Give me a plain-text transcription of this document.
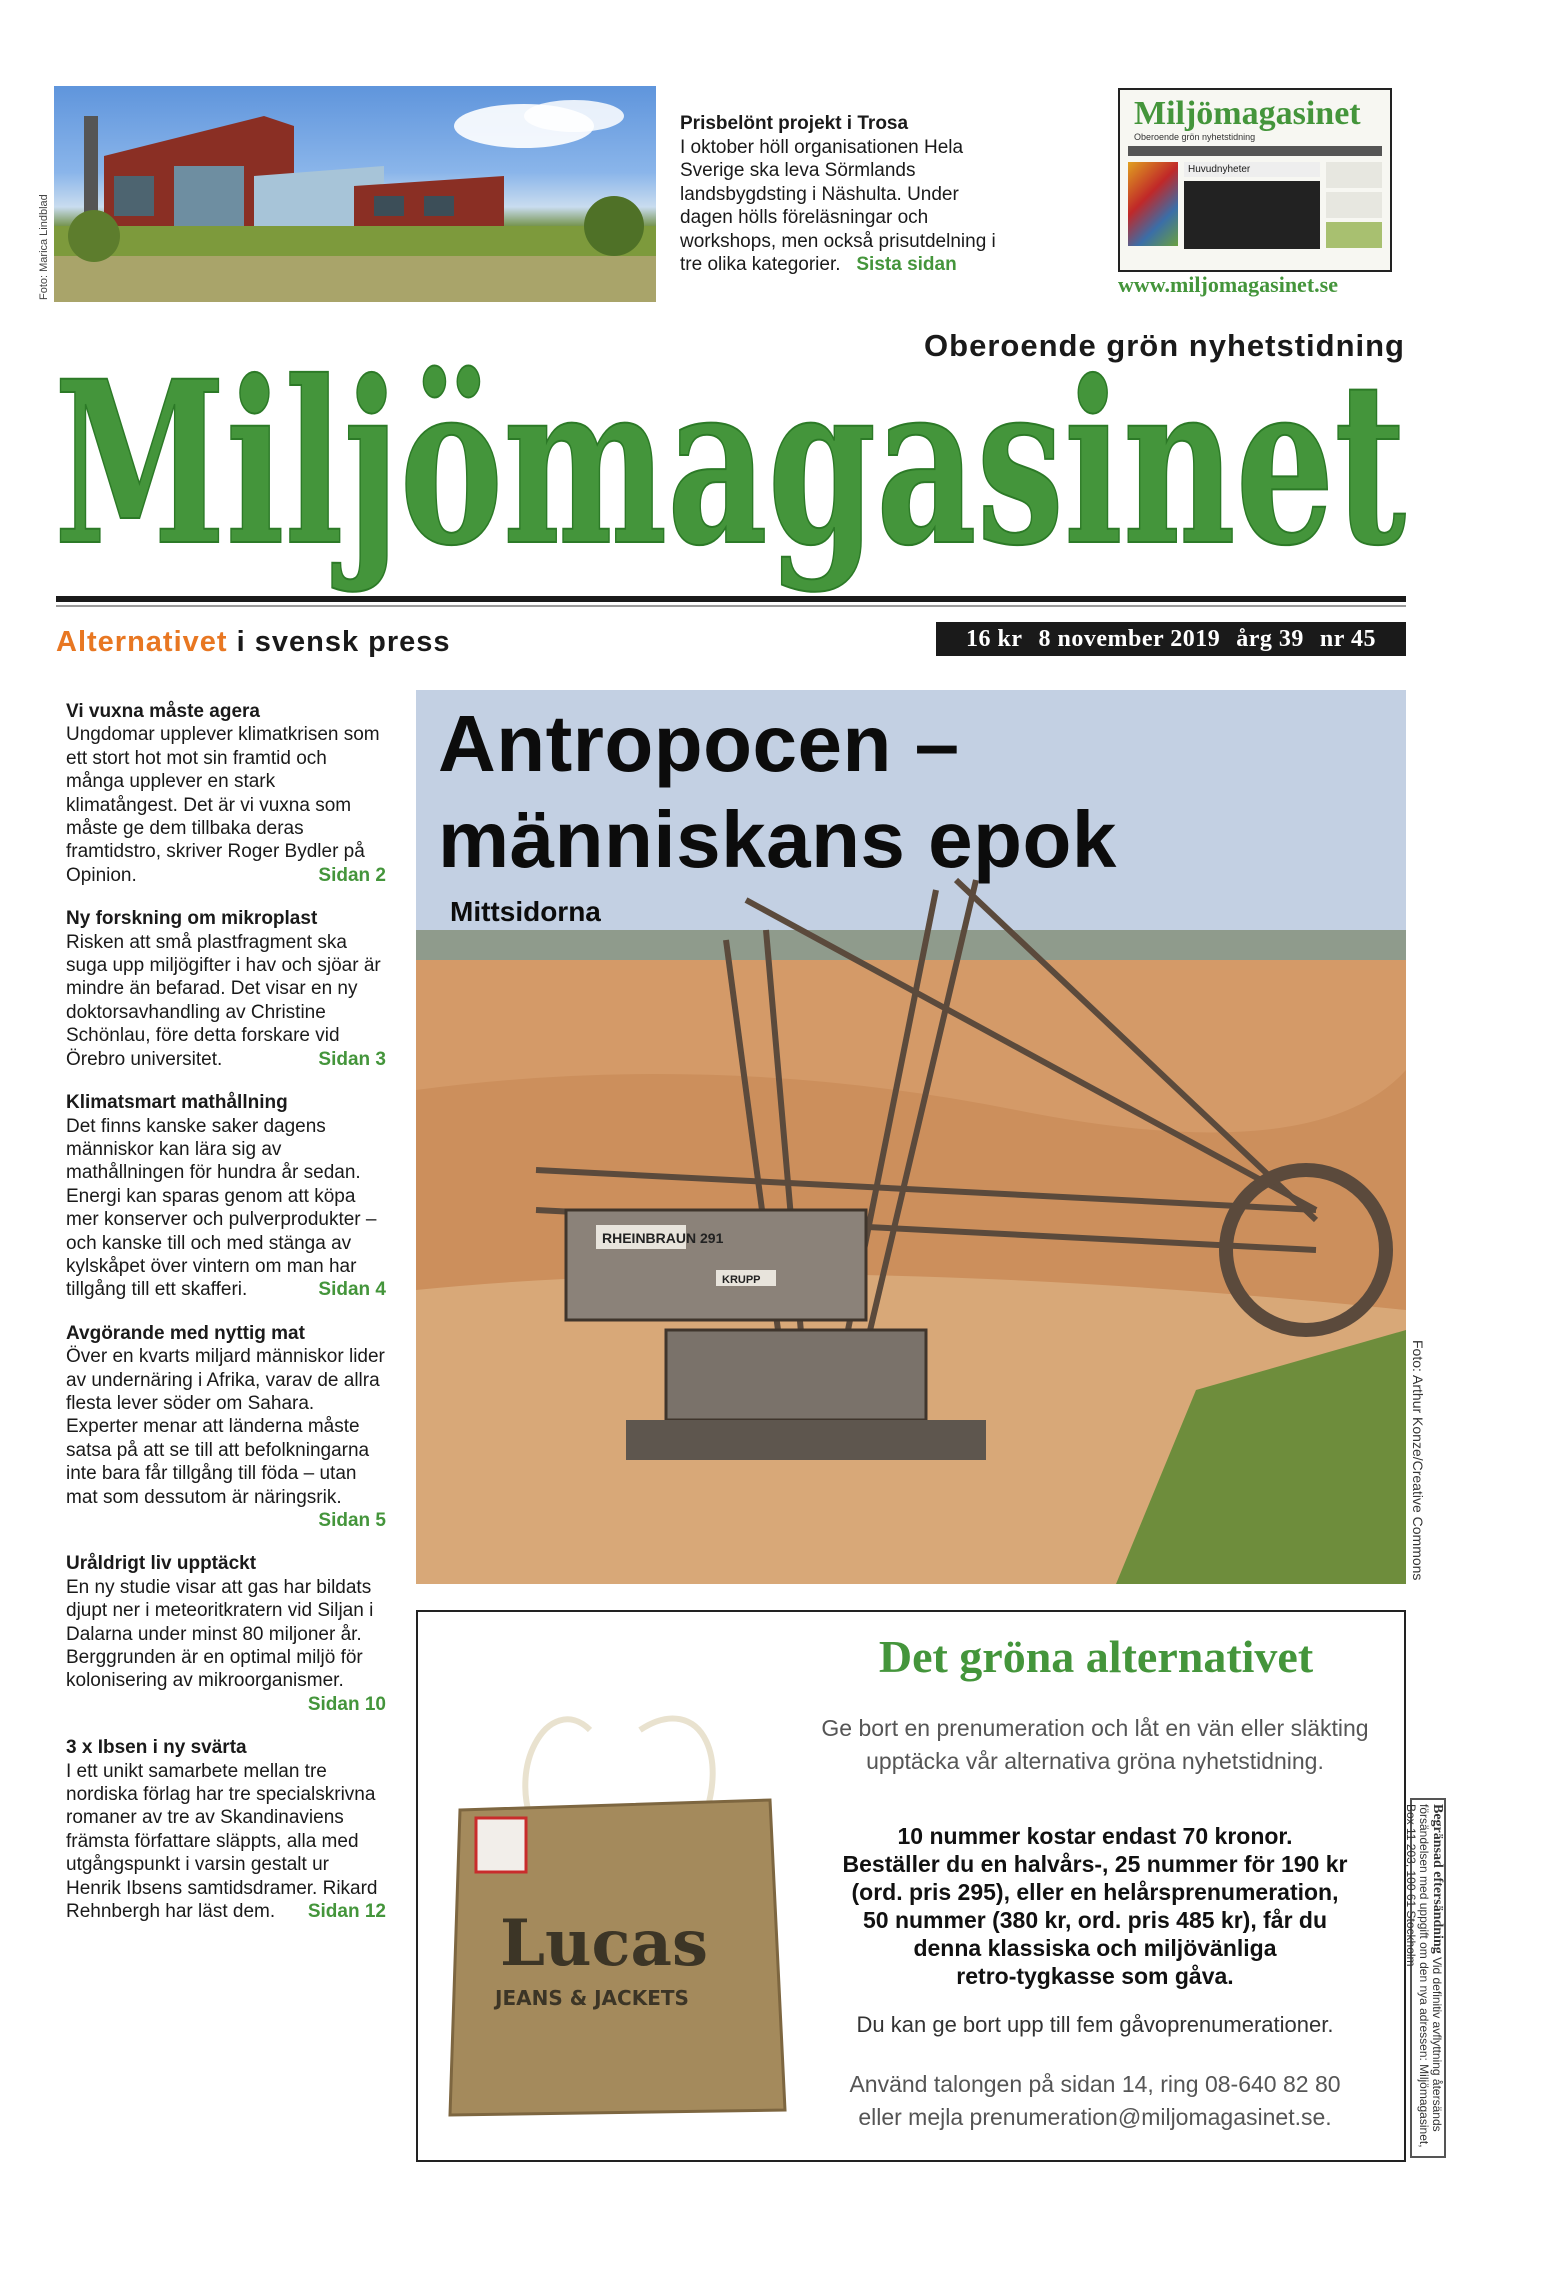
Foto: Marica Lindblad
Prisbelönt projekt i Trosa
I oktober höll organisationen Hela Sverige ska leva Sörmlands landsbygdsting i Näshulta. Under dagen hölls föreläsningar och workshops, men också prisutdelning i tre olika kategorier. Sista sidan
Miljömagasinet
Oberoende grön nyhetstidning
Huvudnyheter
www.miljomagasinet.se
Oberoende grön nyhetstidning
Miljömagasinet
Alternativet i svensk press	16 kr 8 november 2019 årg 39 nr 45
Vi vuxna måste agera
Ungdomar upplever klimatkrisen som ett stort hot mot sin framtid och många upplever en stark klimatångest. Det är vi vuxna som måste ge dem tillbaka deras framtidstro, skriver Roger Bydler på Opinion.	Sidan 2
Ny forskning om mikroplast
Risken att små plastfragment ska suga upp miljögifter i hav och sjöar är mindre än befarad. Det visar en ny doktorsavhandling av Christine Schönlau, före detta forskare vid Örebro universitet.	Sidan 3
Klimatsmart mathållning
Det finns kanske saker dagens människor kan lära sig av mathållningen för hundra år sedan. Energi kan sparas genom att köpa mer konserver och pulverprodukter – och kanske till och med stänga av kylskåpet över vintern om man har tillgång till ett skafferi.	Sidan 4
Avgörande med nyttig mat
Över en kvarts miljard människor lider av undernäring i Afrika, varav de allra flesta lever söder om Sahara. Experter menar att länderna måste satsa på att se till att befolkningarna inte bara får tillgång till föda – utan mat som dessutom är näringsrik.
Sidan 5
Uråldrigt liv upptäckt
En ny studie visar att gas har bildats djupt ner i meteoritkratern vid Siljan i Dalarna under minst 80 miljoner år. Berggrunden är en optimal miljö för kolonisering av mikroorganismer.
Sidan 10
3 x Ibsen i ny svärta
I ett unikt samarbete mellan tre nordiska förlag har tre specialskrivna romaner av tre av Skandinaviens främsta författare släppts, alla med utgångspunkt i varsin gestalt ur Henrik Ibsens samtidsdramer. Rikard Rehnbergh har läst dem. Sidan 12
RHEINBRAUN 291
KRUPP
Antropocen –
människans epok
Mittsidorna
Foto: Arthur Konze/Creative Commons
Lucas
JEANS & JACKETS
Det gröna alternativet
Ge bort en prenumeration och låt en vän eller släkting upptäcka vår alternativa gröna nyhetstidning.
10 nummer kostar endast 70 kronor.
Beställer du en halvårs-, 25 nummer för 190 kr
(ord. pris 295), eller en helårsprenumeration,
50 nummer (380 kr, ord. pris 485 kr), får du
denna klassiska och miljövänliga
retro-tygkasse som gåva.
Du kan ge bort upp till fem gåvoprenumerationer.
Använd talongen på sidan 14, ring 08-640 82 80
eller mejla prenumeration@miljomagasinet.se.
Begränsad eftersändning Vid definitiv avflyttning återsänds försändelsen med uppgift om den nya adressen: Miljömagasinet, Box 11 203, 100 61 Stockholm
